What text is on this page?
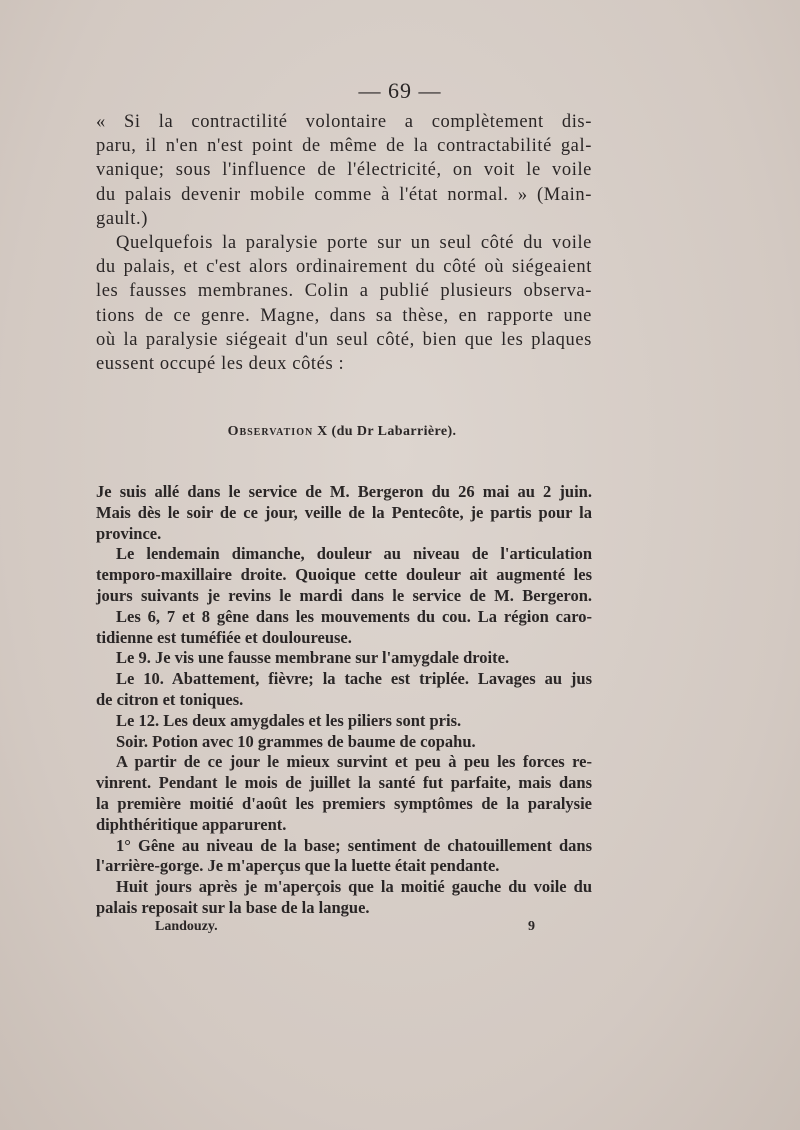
— 69 —
« Si la contractilité volontaire a complètement dis-
paru, il n'en n'est point de même de la contractabilité gal-
vanique; sous l'influence de l'électricité, on voit le voile
du palais devenir mobile comme à l'état normal. » (Main-
gault.)
Quelquefois la paralysie porte sur un seul côté du voile
du palais, et c'est alors ordinairement du côté où siégeaient
les fausses membranes. Colin a publié plusieurs observa-
tions de ce genre. Magne, dans sa thèse, en rapporte une
où la paralysie siégeait d'un seul côté, bien que les plaques
eussent occupé les deux côtés :
Observation X (du Dr Labarrière).
Je suis allé dans le service de M. Bergeron du 26 mai au 2 juin.
Mais dès le soir de ce jour, veille de la Pentecôte, je partis pour la
province.
Le lendemain dimanche, douleur au niveau de l'articulation
temporo-maxillaire droite. Quoique cette douleur ait augmenté les
jours suivants je revins le mardi dans le service de M. Bergeron.
Les 6, 7 et 8 gêne dans les mouvements du cou. La région caro-
tidienne est tuméfiée et douloureuse.
Le 9. Je vis une fausse membrane sur l'amygdale droite.
Le 10. Abattement, fièvre; la tache est triplée. Lavages au jus
de citron et toniques.
Le 12. Les deux amygdales et les piliers sont pris.
Soir. Potion avec 10 grammes de baume de copahu.
A partir de ce jour le mieux survint et peu à peu les forces re-
vinrent. Pendant le mois de juillet la santé fut parfaite, mais dans
la première moitié d'août les premiers symptômes de la paralysie
diphthéritique apparurent.
1° Gêne au niveau de la base; sentiment de chatouillement dans
l'arrière-gorge. Je m'aperçus que la luette était pendante.
Huit jours après je m'aperçois que la moitié gauche du voile du
palais reposait sur la base de la langue.
Landouzy.	9
